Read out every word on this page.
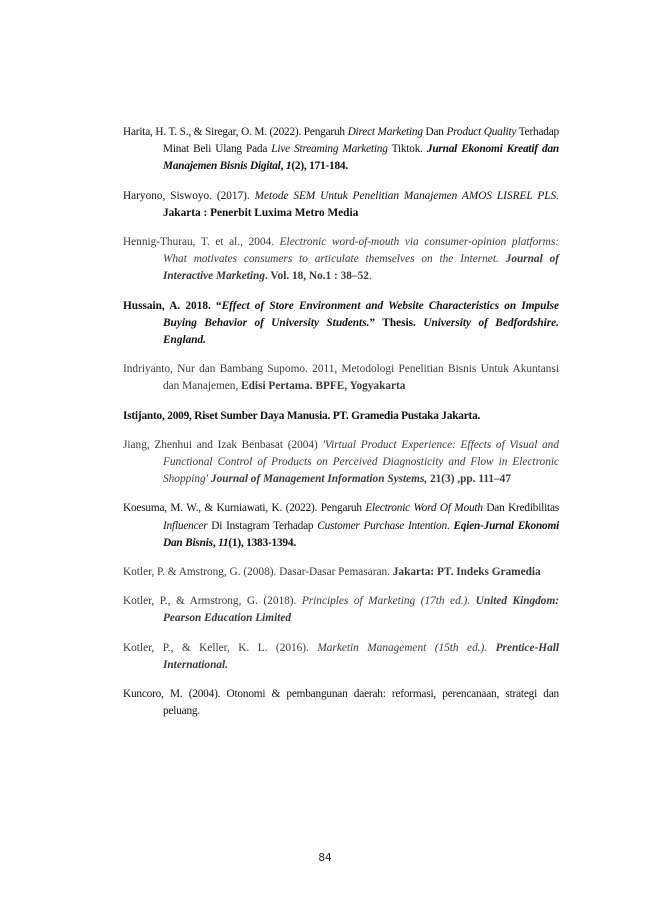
Harita, H. T. S., & Siregar, O. M. (2022). Pengaruh Direct Marketing Dan Product Quality Terhadap Minat Beli Ulang Pada Live Streaming Marketing Tiktok. Jurnal Ekonomi Kreatif dan Manajemen Bisnis Digital, 1(2), 171-184.

Haryono, Siswoyo. (2017). Metode SEM Untuk Penelitian Manajemen AMOS LISREL PLS. Jakarta : Penerbit Luxima Metro Media

Hennig-Thurau, T. et al., 2004. Electronic word-of-mouth via consumer-opinion platforms: What motivates consumers to articulate themselves on the Internet. Journal of Interactive Marketing. Vol. 18, No.1 : 38–52.

Hussain, A. 2018. “Effect of Store Environment and Website Characteristics on Impulse Buying Behavior of University Students.” Thesis. University of Bedfordshire. England.

Indriyanto, Nur dan Bambang Supomo. 2011, Metodologi Penelitian Bisnis Untuk Akuntansi dan Manajemen, Edisi Pertama. BPFE, Yogyakarta

Istijanto, 2009, Riset Sumber Daya Manusia. PT. Gramedia Pustaka Jakarta.

Jiang, Zhenhui and Izak Benbasat (2004) 'Virtual Product Experience: Effects of Visual and Functional Control of Products on Perceived Diagnosticity and Flow in Electronic Shopping' Journal of Management Information Systems, 21(3) ,pp. 111–47

Koesuma, M. W., & Kurniawati, K. (2022). Pengaruh Electronic Word Of Mouth Dan Kredibilitas Influencer Di Instagram Terhadap Customer Purchase Intention. Eqien-Jurnal Ekonomi Dan Bisnis, 11(1), 1383-1394.

Kotler, P. & Amstrong, G. (2008). Dasar-Dasar Pemasaran. Jakarta: PT. Indeks Gramedia

Kotler, P., & Armstrong, G. (2018). Principles of Marketing (17th ed.). United Kingdom: Pearson Education Limited

Kotler, P., & Keller, K. L. (2016). Marketin Management (15th ed.). Prentice-Hall International.

Kuncoro, M. (2004). Otonomi & pembangunan daerah: reformasi, perencanaan, strategi dan peluang.

84
